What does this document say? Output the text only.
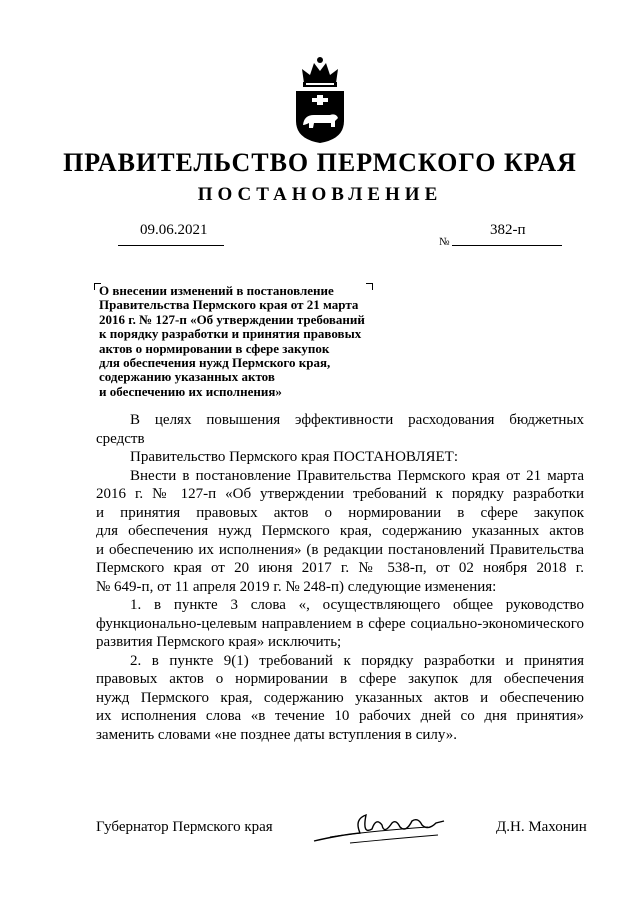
ПРАВИТЕЛЬСТВО ПЕРМСКОГО КРАЯ
ПОСТАНОВЛЕНИЕ
09.06.2021
№
382-п
О внесении изменений в постановление
Правительства Пермского края от 21 марта
2016 г. № 127-п «Об утверждении требований
к порядку разработки и принятия правовых
актов о нормировании в сфере закупок
для обеспечения нужд Пермского края,
содержанию указанных актов
и обеспечению их исполнения»

В целях повышения эффективности расходования бюджетных
средств

Правительство Пермского края ПОСТАНОВЛЯЕТ:

Внести в постановление Правительства Пермского края от 21 марта
2016 г. № 127-п «Об утверждении требований к порядку разработки
и принятия правовых актов о нормировании в сфере закупок
для обеспечения нужд Пермского края, содержанию указанных актов
и обеспечению их исполнения» (в редакции постановлений Правительства
Пермского края от 20 июня 2017 г. № 538-п, от 02 ноября 2018 г.
№ 649-п, от 11 апреля 2019 г. № 248-п) следующие изменения:

1. в пункте 3 слова «, осуществляющего общее руководство
функционально-целевым направлением в сфере социально-экономического
развития Пермского края» исключить;

2. в пункте 9(1) требований к порядку разработки и принятия
правовых актов о нормировании в сфере закупок для обеспечения
нужд Пермского края, содержанию указанных актов и обеспечению
их исполнения слова «в течение 10 рабочих дней со дня принятия»
заменить словами «не позднее даты вступления в силу».

Губернатор Пермского края	Д.Н. Махонин
